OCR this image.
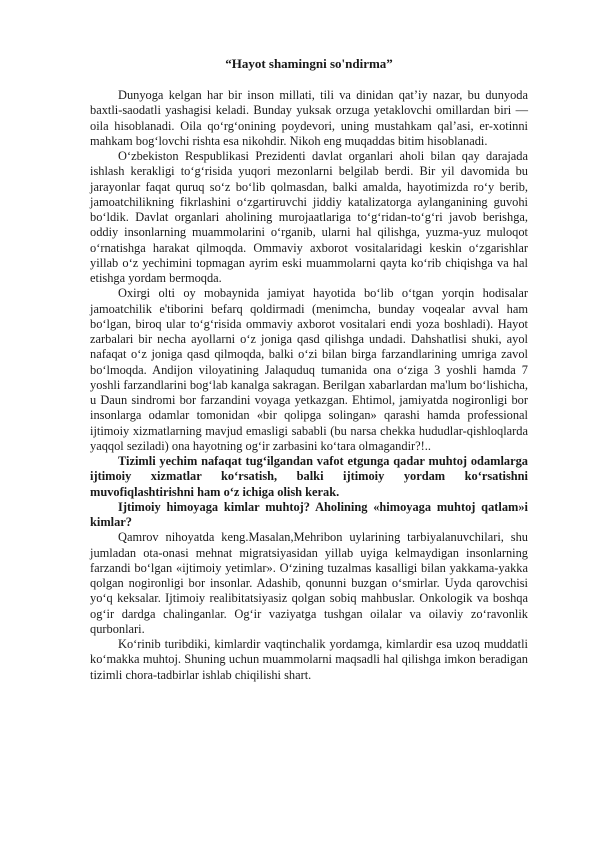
“Hayot shamingni so'ndirma”

Dunyoga kelgan har bir inson millati, tili va dinidan qat’iy nazar, bu dunyoda baxtli-saodatli yashagisi keladi. Bunday yuksak orzuga yetaklovchi omillardan biri — oila hisoblanadi. Oila qo‘rg‘onining poydevori, uning mustahkam qal’asi, er-xotinni mahkam bog‘lovchi rishta esa nikohdir. Nikoh eng muqaddas bitim hisoblanadi.

O‘zbekiston Respublikasi Prezidenti davlat organlari aholi bilan qay darajada ishlash kerakligi to‘g‘risida yuqori mezonlarni belgilab berdi. Bir yil davomida bu jarayonlar faqat quruq so‘z bo‘lib qolmasdan, balki amalda, hayotimizda ro‘y berib, jamoatchilikning fikrlashini o‘zgartiruvchi jiddiy katalizatorga aylanganining guvohi bo‘ldik. Davlat organlari aholining murojaatlariga to‘g‘ridan-to‘g‘ri javob berishga, oddiy insonlarning muammolarini o‘rganib, ularni hal qilishga, yuzma-yuz muloqot o‘rnatishga harakat qilmoqda. Ommaviy axborot vositalaridagi keskin o‘zgarishlar yillab o‘z yechimini topmagan ayrim eski muammolarni qayta ko‘rib chiqishga va hal etishga yordam bermoqda.

Oxirgi olti oy mobaynida jamiyat hayotida bo‘lib o‘tgan yorqin hodisalar jamoatchilik e'tiborini befarq qoldirmadi (menimcha, bunday voqealar avval ham bo‘lgan, biroq ular to‘g‘risida ommaviy axborot vositalari endi yoza boshladi). Hayot zarbalari bir necha ayollarni o‘z joniga qasd qilishga undadi. Dahshatlisi shuki, ayol nafaqat o‘z joniga qasd qilmoqda, balki o‘zi bilan birga farzandlarining umriga zavol bo‘lmoqda. Andijon viloyatining Jalaquduq tumanida ona o‘ziga 3 yoshli hamda 7 yoshli farzandlarini bog‘lab kanalga sakragan. Berilgan xabarlardan ma'lum bo‘lishicha, u Daun sindromi bor farzandini voyaga yetkazgan. Ehtimol, jamiyatda nogironligi bor insonlarga odamlar tomonidan «bir qolipga solingan» qarashi hamda professional ijtimoiy xizmatlarning mavjud emasligi sababli (bu narsa chekka hududlar-qishloqlarda yaqqol seziladi) ona hayotning og‘ir zarbasini ko‘tara olmagandir?!..

Tizimli yechim nafaqat tug‘ilgandan vafot etgunga qadar muhtoj odamlarga ijtimoiy xizmatlar ko‘rsatish, balki ijtimoiy yordam ko‘rsatishni muvofiqlashtirishni ham o‘z ichiga olish kerak.

Ijtimoiy himoyaga kimlar muhtoj? Aholining «himoyaga muhtoj qatlam»i kimlar?

Qamrov nihoyatda keng.Masalan,Mehribon uylarining tarbiyalanuvchilari, shu jumladan ota-onasi mehnat migratsiyasidan yillab uyiga kelmaydigan insonlarning farzandi bo‘lgan «ijtimoiy yetimlar». O‘zining tuzalmas kasalligi bilan yakkama-yakka qolgan nogironligi bor insonlar. Adashib, qonunni buzgan o‘smirlar. Uyda qarovchisi yo‘q keksalar. Ijtimoiy realibitatsiyasiz qolgan sobiq mahbuslar. Onkologik va boshqa og‘ir dardga chalinganlar. Og‘ir vaziyatga tushgan oilalar va oilaviy zo‘ravonlik qurbonlari.

Ko‘rinib turibdiki, kimlardir vaqtinchalik yordamga, kimlardir esa uzoq muddatli ko‘makka muhtoj. Shuning uchun muammolarni maqsadli hal qilishga imkon beradigan tizimli chora-tadbirlar ishlab chiqilishi shart.
